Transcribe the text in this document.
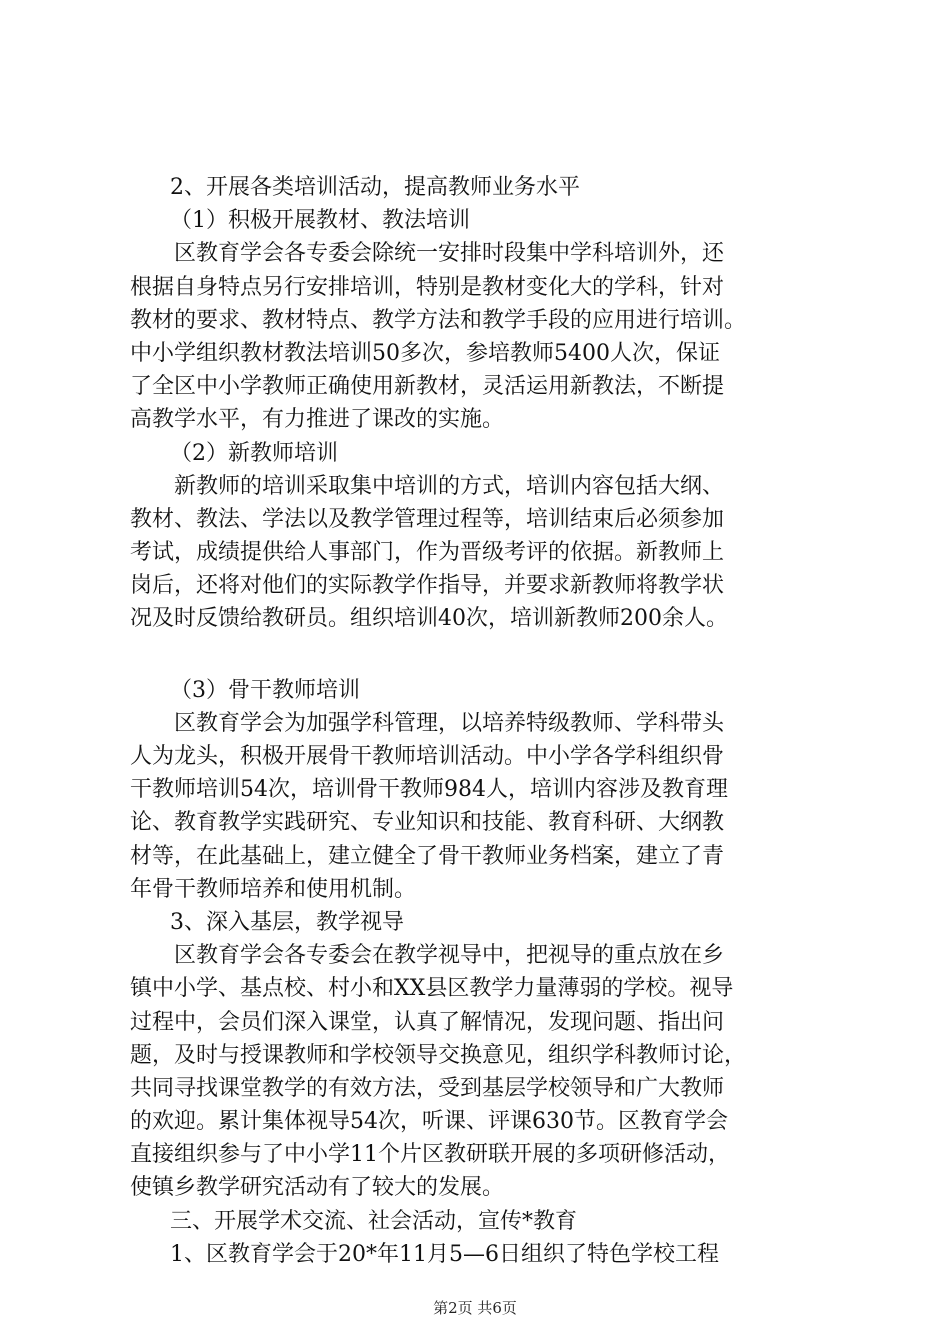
2、开展各类培训活动，提高教师业务水平
（1）积极开展教材、教法培训
区教育学会各专委会除统一安排时段集中学科培训外，还
根据自身特点另行安排培训，特别是教材变化大的学科，针对
教材的要求、教材特点、教学方法和教学手段的应用进行培训。
中小学组织教材教法培训50多次，参培教师5400人次，保证
了全区中小学教师正确使用新教材，灵活运用新教法，不断提
高教学水平，有力推进了课改的实施。
（2）新教师培训
新教师的培训采取集中培训的方式，培训内容包括大纲、
教材、教法、学法以及教学管理过程等，培训结束后必须参加
考试，成绩提供给人事部门，作为晋级考评的依据。新教师上
岗后，还将对他们的实际教学作指导，并要求新教师将教学状
况及时反馈给教研员。组织培训40次，培训新教师200余人。
（3）骨干教师培训
区教育学会为加强学科管理，以培养特级教师、学科带头
人为龙头，积极开展骨干教师培训活动。中小学各学科组织骨
干教师培训54次，培训骨干教师984人，培训内容涉及教育理
论、教育教学实践研究、专业知识和技能、教育科研、大纲教
材等，在此基础上，建立健全了骨干教师业务档案，建立了青
年骨干教师培养和使用机制。
3、深入基层，教学视导
区教育学会各专委会在教学视导中，把视导的重点放在乡
镇中小学、基点校、村小和XX县区教学力量薄弱的学校。视导
过程中，会员们深入课堂，认真了解情况，发现问题、指出问
题，及时与授课教师和学校领导交换意见，组织学科教师讨论，
共同寻找课堂教学的有效方法，受到基层学校领导和广大教师
的欢迎。累计集体视导54次，听课、评课630节。区教育学会
直接组织参与了中小学11个片区教研联开展的多项研修活动，
使镇乡教学研究活动有了较大的发展。
三、开展学术交流、社会活动，宣传*教育
1、区教育学会于20*年11月5—6日组织了特色学校工程
第2页 共6页
